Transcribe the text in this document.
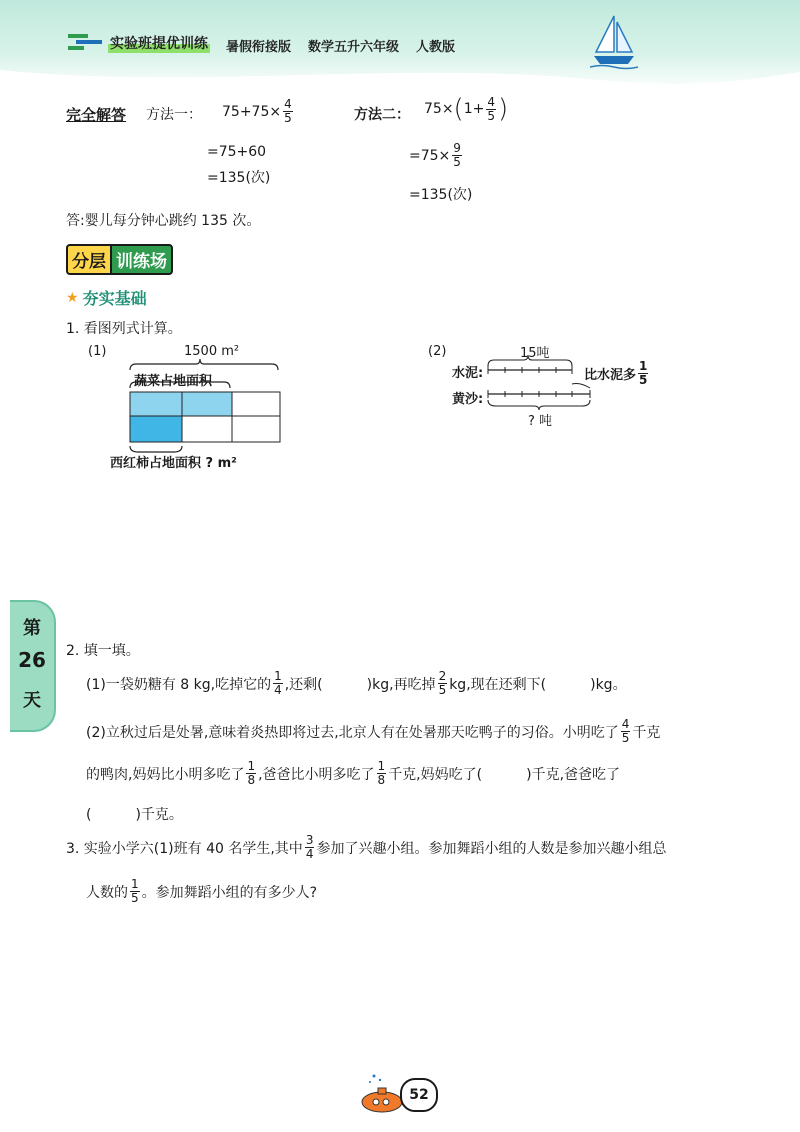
实验班提优训练 暑假衔接版 数学五升六年级 人教版
完全解答 方法一： $75+75\times \frac{4}{5}$
=75+60
=135(次)
方法二： 75× ( $1+ \frac{4}{5}$ )
$=75\times \frac{9}{5}$
=135(次)
答:婴儿每分钟心跳约 135 次。
分层 训练场
★ 夯实基础
1. 看图列式计算。
(1)	1500 m²
蔬菜占地面积
西红柿占地面积 ? m²
(2)	15吨
水泥:
黄沙:
比水泥多 $\frac{1}{5}$
? 吨
第
26
天
2. 填一填。
(1)一袋奶糖有 8 kg,吃掉它的 $\frac{1}{4}$ ,还剩(	)kg,再吃掉 $\frac{2}{5}$ kg,现在还剩下(	)kg。
(2)立秋过后是处暑,意味着炎热即将过去,北京人有在处暑那天吃鸭子的习俗。小明吃了 $\frac{4}{5}$ 千克
的鸭肉,妈妈比小明多吃了 $\frac{1}{8}$ ,爸爸比小明多吃了 $\frac{1}{8}$ 千克,妈妈吃了(	)千克,爸爸吃了
(	)千克。
3. 实验小学六(1)班有 40 名学生,其中 $\frac{3}{4}$ 参加了兴趣小组。参加舞蹈小组的人数是参加兴趣小组总
人数的 $\frac{1}{5}$ 。参加舞蹈小组的有多少人?
52
